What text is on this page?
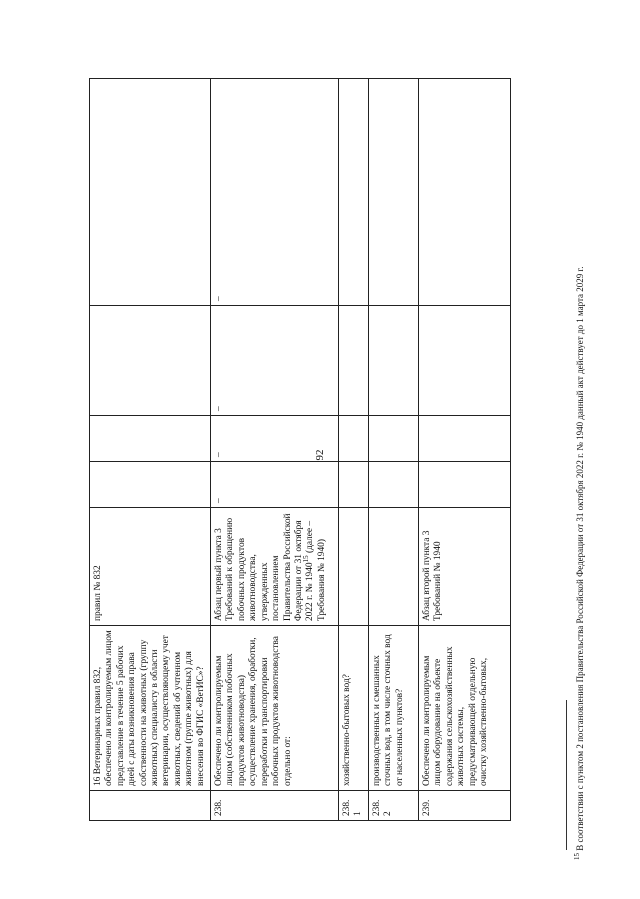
92
	16 Ветеринарных правил 832, обеспечено ли контролируемым лицом представление в течение 5 рабочих дней с даты возникновения права собственности на животных (группу животных) специалисту в области ветеринарии, осуществляющему учет животных, сведений об учтенном животном (группе животных) для внесения во ФГИС «ВетИС»?	правил № 832				
238.	Обеспечено ли контролируемым лицом (собственником побочных продуктов животноводства) осуществление хранения, обработки, переработки и транспортировки побочных продуктов животноводства отдельно от:	Абзац первый пункта 3 Требований к обращению побочных продуктов животноводства, утвержденных постановлением Правительства Российской Федерации от 31 октября 2022 г. № 1940$^{15}$ (далее – Требования № 1940)	–	–	–	–
238.1	хозяйственно-бытовых вод?					
238.2	производственных и смешанных сточных вод, в том числе сточных вод от населенных пунктов?					
239.	Обеспечено ли контролируемым лицом оборудование на объекте содержания сельскохозяйственных животных системы, предусматривающей отдельную очистку хозяйственно-бытовых,	Абзац второй пункта 3 Требований № 1940				
$^{15}$ В соответствии с пунктом 2 постановления Правительства Российской Федерации от 31 октября 2022 г. № 1940 данный акт действует до 1 марта 2029 г.
